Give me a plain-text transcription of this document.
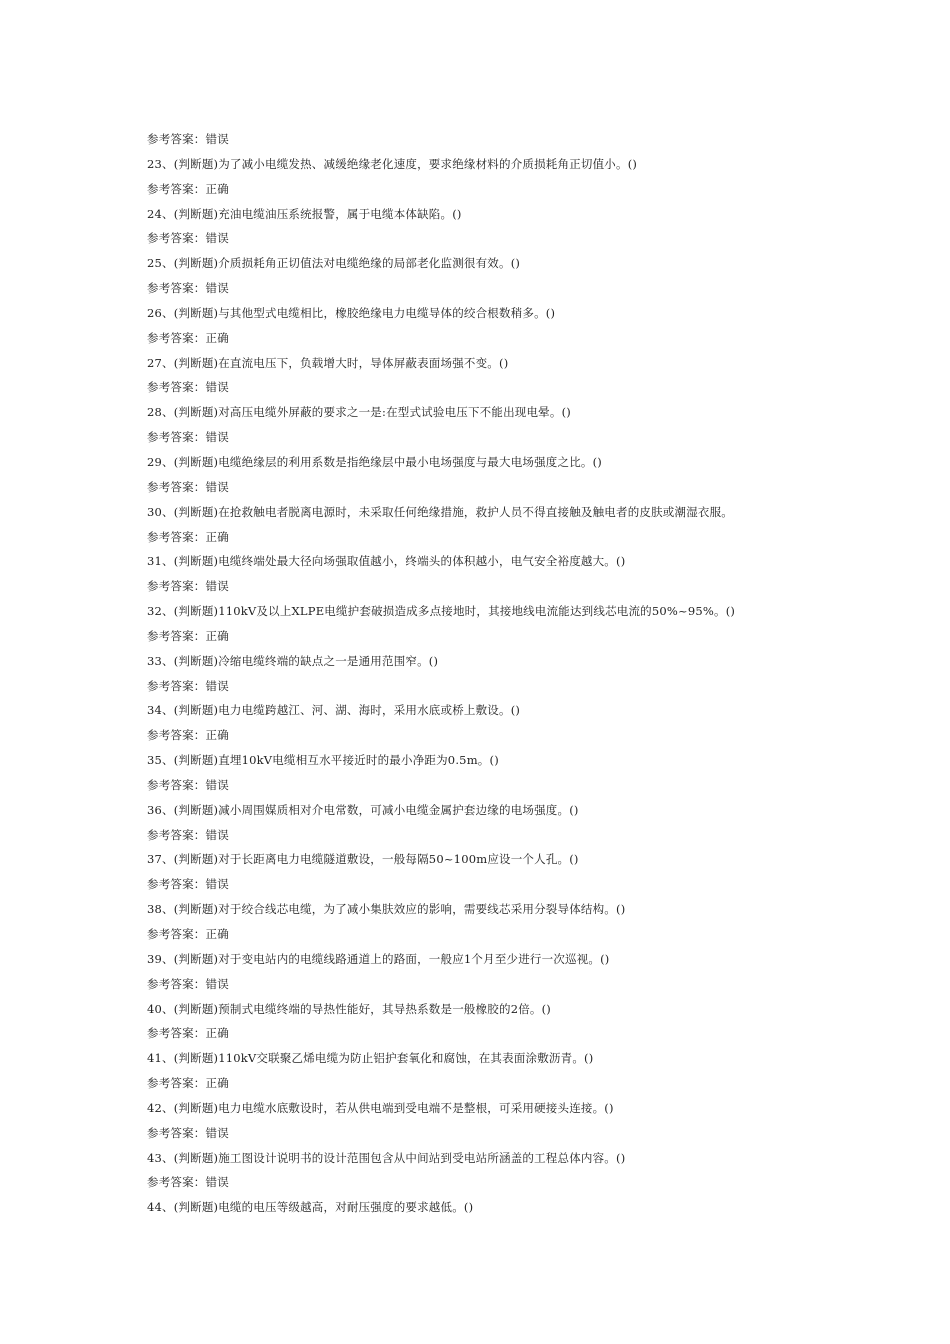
参考答案：错误
23、(判断题)为了减小电缆发热、减缓绝缘老化速度，要求绝缘材料的介质损耗角正切值小。()
参考答案：正确
24、(判断题)充油电缆油压系统报警，属于电缆本体缺陷。()
参考答案：错误
25、(判断题)介质损耗角正切值法对电缆绝缘的局部老化监测很有效。()
参考答案：错误
26、(判断题)与其他型式电缆相比，橡胶绝缘电力电缆导体的绞合根数稍多。()
参考答案：正确
27、(判断题)在直流电压下，负载增大时，导体屏蔽表面场强不变。()
参考答案：错误
28、(判断题)对高压电缆外屏蔽的要求之一是:在型式试验电压下不能出现电晕。()
参考答案：错误
29、(判断题)电缆绝缘层的利用系数是指绝缘层中最小电场强度与最大电场强度之比。()
参考答案：错误
30、(判断题)在抢救触电者脱离电源时，未采取任何绝缘措施，救护人员不得直接触及触电者的皮肤或潮湿衣服。
参考答案：正确
31、(判断题)电缆终端处最大径向场强取值越小，终端头的体积越小，电气安全裕度越大。()
参考答案：错误
32、(判断题)110kV及以上XLPE电缆护套破损造成多点接地时，其接地线电流能达到线芯电流的50%~95%。()
参考答案：正确
33、(判断题)冷缩电缆终端的缺点之一是通用范围窄。()
参考答案：错误
34、(判断题)电力电缆跨越江、河、湖、海时，采用水底或桥上敷设。()
参考答案：正确
35、(判断题)直埋10kV电缆相互水平接近时的最小净距为0.5m。()
参考答案：错误
36、(判断题)减小周围媒质相对介电常数，可减小电缆金属护套边缘的电场强度。()
参考答案：错误
37、(判断题)对于长距离电力电缆隧道敷设，一般每隔50~100m应设一个人孔。()
参考答案：错误
38、(判断题)对于绞合线芯电缆，为了减小集肤效应的影响，需要线芯采用分裂导体结构。()
参考答案：正确
39、(判断题)对于变电站内的电缆线路通道上的路面，一般应1个月至少进行一次巡视。()
参考答案：错误
40、(判断题)预制式电缆终端的导热性能好，其导热系数是一般橡胶的2倍。()
参考答案：正确
41、(判断题)110kV交联聚乙烯电缆为防止铝护套氧化和腐蚀，在其表面涂敷沥青。()
参考答案：正确
42、(判断题)电力电缆水底敷设时，若从供电端到受电端不是整根，可采用硬接头连接。()
参考答案：错误
43、(判断题)施工图设计说明书的设计范围包含从中间站到受电站所涵盖的工程总体内容。()
参考答案：错误
44、(判断题)电缆的电压等级越高，对耐压强度的要求越低。()
